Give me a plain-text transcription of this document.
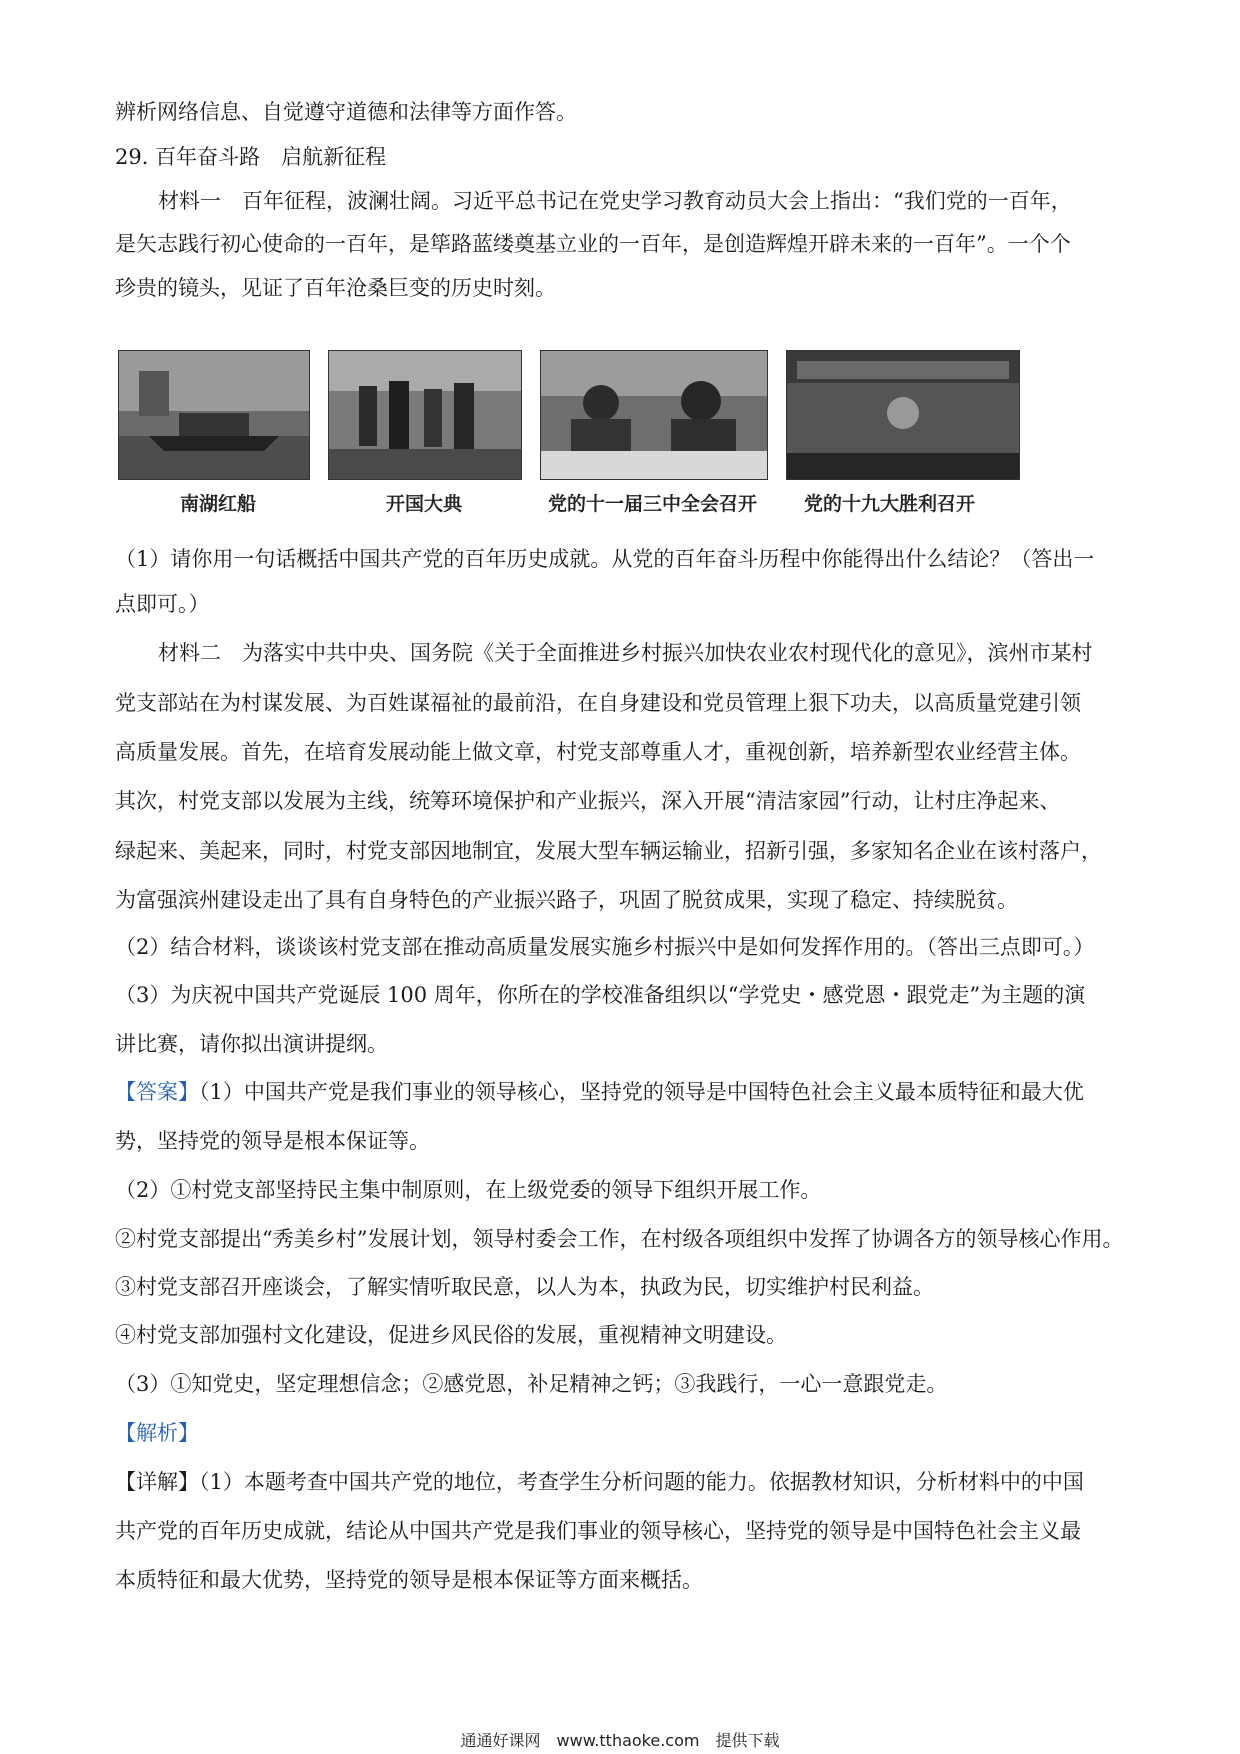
辨析网络信息、自觉遵守道德和法律等方面作答。
29. 百年奋斗路　启航新征程
材料一　百年征程，波澜壮阔。习近平总书记在党史学习教育动员大会上指出：“我们党的一百年，
是矢志践行初心使命的一百年，是筚路蓝缕奠基立业的一百年，是创造辉煌开辟未来的一百年”。一个个
珍贵的镜头，见证了百年沧桑巨变的历史时刻。
南湖红船	开国大典	党的十一届三中全会召开 党的十九大胜利召开
（1）请你用一句话概括中国共产党的百年历史成就。从党的百年奋斗历程中你能得出什么结论？（答出一
点即可。）
材料二　为落实中共中央、国务院《关于全面推进乡村振兴加快农业农村现代化的意见》，滨州市某村
党支部站在为村谋发展、为百姓谋福祉的最前沿，在自身建设和党员管理上狠下功夫，以高质量党建引领
高质量发展。首先，在培育发展动能上做文章，村党支部尊重人才，重视创新，培养新型农业经营主体。
其次，村党支部以发展为主线，统筹环境保护和产业振兴，深入开展“清洁家园”行动，让村庄净起来、
绿起来、美起来，同时，村党支部因地制宜，发展大型车辆运输业，招新引强，多家知名企业在该村落户，
为富强滨州建设走出了具有自身特色的产业振兴路子，巩固了脱贫成果，实现了稳定、持续脱贫。
（2）结合材料，谈谈该村党支部在推动高质量发展实施乡村振兴中是如何发挥作用的。（答出三点即可。）
（3）为庆祝中国共产党诞辰 100 周年，你所在的学校准备组织以“学党史・感党恩・跟党走”为主题的演
讲比赛，请你拟出演讲提纲。
【答案】（1）中国共产党是我们事业的领导核心，坚持党的领导是中国特色社会主义最本质特征和最大优
势，坚持党的领导是根本保证等。
（2）①村党支部坚持民主集中制原则，在上级党委的领导下组织开展工作。
②村党支部提出“秀美乡村”发展计划，领导村委会工作，在村级各项组织中发挥了协调各方的领导核心作用。
③村党支部召开座谈会，了解实情听取民意，以人为本，执政为民，切实维护村民利益。
④村党支部加强村文化建设，促进乡风民俗的发展，重视精神文明建设。
（3）①知党史，坚定理想信念；②感党恩，补足精神之钙；③我践行，一心一意跟党走。
【解析】
【详解】（1）本题考查中国共产党的地位，考查学生分析问题的能力。依据教材知识，分析材料中的中国
共产党的百年历史成就，结论从中国共产党是我们事业的领导核心，坚持党的领导是中国特色社会主义最
本质特征和最大优势，坚持党的领导是根本保证等方面来概括。
通通好课网　www.tthaoke.com　提供下载
